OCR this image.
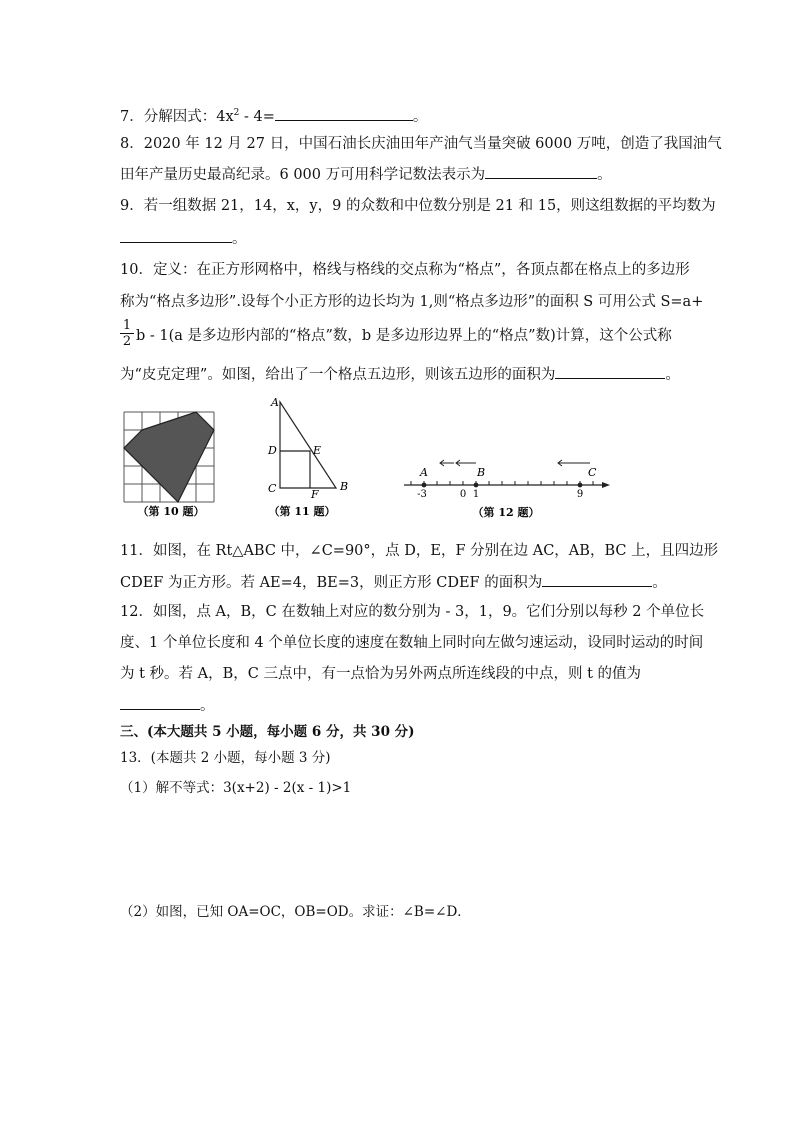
7．分解因式：$4x^2 - 4=$	。
8．2020 年 12 月 27 日，中国石油长庆油田年产油气当量突破 6000 万吨，创造了我国油气
田年产量历史最高纪录。6 000 万可用科学记数法表示为	。
9．若一组数据 21，14，x，y，9 的众数和中位数分别是 21 和 15，则这组数据的平均数为
。
10．定义：在正方形网格中，格线与格线的交点称为“格点”，各顶点都在格点上的多边形
称为“格点多边形”.设每个小正方形的边长均为 1,则“格点多边形”的面积 S 可用公式 S=a+
$\frac{1}{2}$ b - 1(a 是多边形内部的“格点”数，b 是多边形边界上的“格点”数)计算，这个公式称
为“皮克定理”。如图，给出了一个格点五边形，则该五边形的面积为	。
（第 10 题）
A
D	E
C	F
B
（第 11 题）
A	B	C
-3	0 1	9
（第 12 题）
11．如图，在 Rt△ABC 中，∠C=90°，点 D，E，F 分别在边 AC，AB，BC 上，且四边形
CDEF 为正方形。若 AE=4，BE=3，则正方形 CDEF 的面积为	。
12．如图，点 A，B，C 在数轴上对应的数分别为 - 3，1，9。它们分别以每秒 2 个单位长
度、1 个单位长度和 4 个单位长度的速度在数轴上同时向左做匀速运动，设同时运动的时间
为 t 秒。若 A，B，C 三点中，有一点恰为另外两点所连线段的中点，则 t 的值为
。
三、(本大题共 5 小题，每小题 6 分，共 30 分)
13．(本题共 2 小题，每小题 3 分)
（1）解不等式：3(x+2) - 2(x - 1)>1
（2）如图，已知 OA=OC，OB=OD。求证：∠B=∠D．
